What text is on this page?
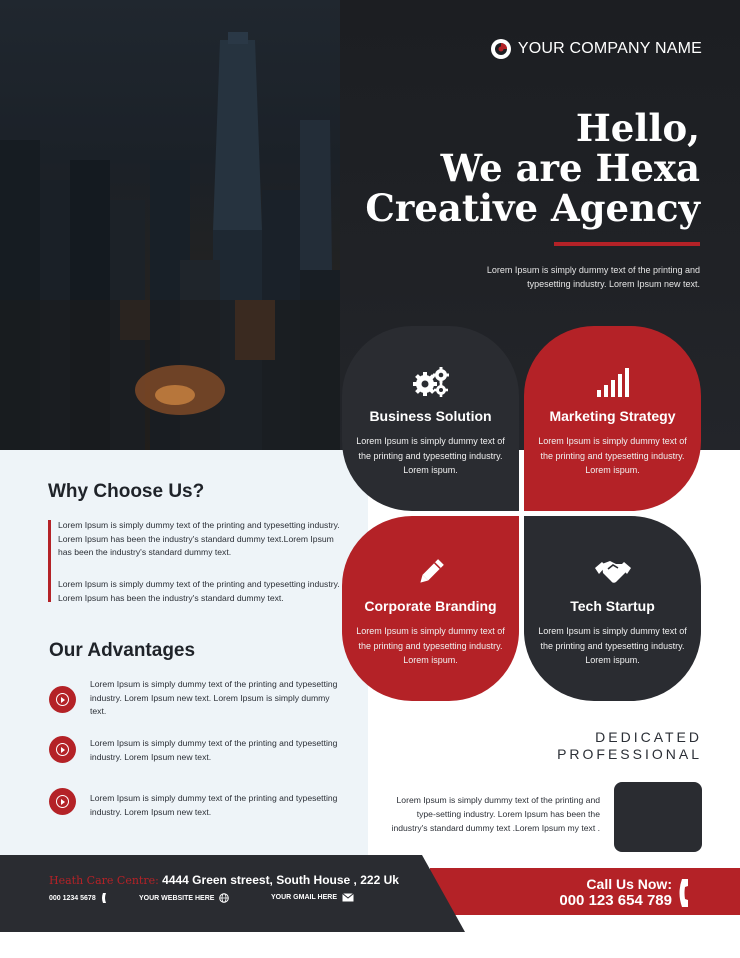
YOUR COMPANY NAME
Hello,
We are Hexa
Creative Agency
Lorem Ipsum is simply dummy text of the printing and typesetting industry. Lorem Ipsum new text.
Why Choose Us?
Lorem Ipsum is simply dummy text of the printing and typesetting industry. Lorem Ipsum has been the industry's standard dummy text.Lorem Ipsum has been the industry's standard dummy text.
Lorem Ipsum is simply dummy text of the printing and typesetting industry. Lorem Ipsum has been the industry's standard dummy text.
Our Advantages
Lorem Ipsum is simply dummy text of the printing and typesetting industry. Lorem Ipsum new text. Lorem Ipsum is simply dummy text.
Lorem Ipsum is simply dummy text of the printing and typesetting industry. Lorem Ipsum new text.
Lorem Ipsum is simply dummy text of the printing and typesetting industry. Lorem Ipsum new text.
Business Solution
Lorem Ipsum is simply dummy text of the printing and typesetting industry. Lorem ispum.
Marketing Strategy
Lorem Ipsum is simply dummy text of the printing and typesetting industry. Lorem ispum.
Corporate Branding
Lorem Ipsum is simply dummy text of the printing and typesetting industry. Lorem ispum.
Tech Startup
Lorem Ipsum is simply dummy text of the printing and typesetting industry. Lorem ispum.
DEDICATED
PROFESSIONAL
Lorem Ipsum is simply dummy text of the printing and type-setting industry. Lorem Ipsum has been the industry's standard dummy text .Lorem Ipsum my text .
Heath Care Centre: 4444 Green streest, South House , 222 Uk
000 1234 5678	YOUR WEBSITE HERE	YOUR GMAIL HERE
Call Us Now:
000 123 654 789
